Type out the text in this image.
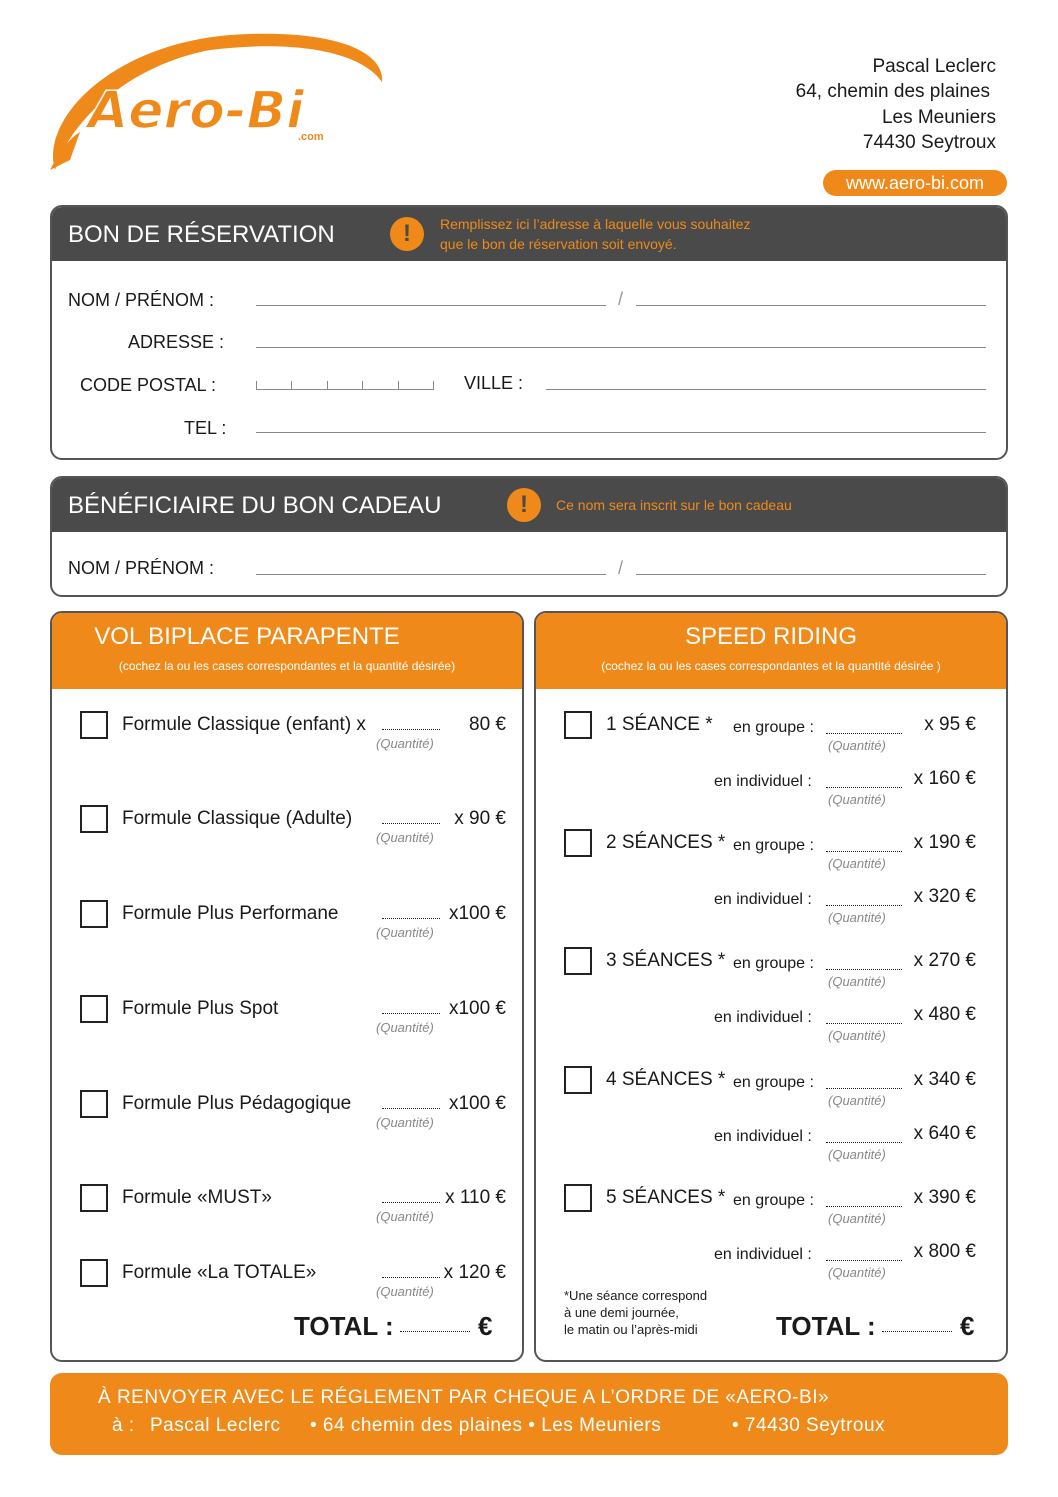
Aero-Bi
.com
Pascal Leclerc
64, chemin des plaines
Les Meuniers
74430 Seytroux
www.aero-bi.com
BON DE RÉSERVATION	!	Remplissez ici l’adresse à laquelle vous souhaitez
que le bon de réservation soit envoyé.
NOM / PRÉNOM :	/
ADRESSE :
CODE POSTAL :	VILLE :
TEL :
BÉNÉFICIAIRE DU BON CADEAU	!	Ce nom sera inscrit sur le bon cadeau
NOM / PRÉNOM :	/
VOL BIPLACE PARAPENTE
(cochez la ou les cases correspondantes et la quantité désirée)
Formule Classique (enfant) x
(Quantité)
80 €
Formule Classique (Adulte)
(Quantité)
x 90 €
Formule Plus Performane
(Quantité)
x100 €
Formule Plus Spot
(Quantité)
x100 €
Formule Plus Pédagogique
(Quantité)
x100 €
Formule «MUST»
(Quantité)
x 110 €
Formule «La TOTALE»
(Quantité)
x 120 €
TOTAL :	€
SPEED RIDING
(cochez la ou les cases correspondantes et la quantité désirée )
1 SÉANCE * en groupe :
(Quantité)
x 95 €
en individuel :
(Quantité)
x 160 €
2 SÉANCES * en groupe :
(Quantité)
x 190 €
en individuel :
(Quantité)
x 320 €
3 SÉANCES * en groupe :
(Quantité)
x 270 €
en individuel :
(Quantité)
x 480 €
4 SÉANCES * en groupe :
(Quantité)
x 340 €
en individuel :
(Quantité)
x 640 €
5 SÉANCES * en groupe :
(Quantité)
x 390 €
en individuel :
(Quantité)
x 800 €
*Une séance correspond
à une demi journée,
le matin ou l’après-midi	TOTAL :	€
À RENVOYER AVEC LE RÉGLEMENT PAR CHEQUE A L’ORDRE DE «AERO-BI»
à : Pascal Leclerc • 64 chemin des plaines • Les Meuniers	• 74430 Seytroux
